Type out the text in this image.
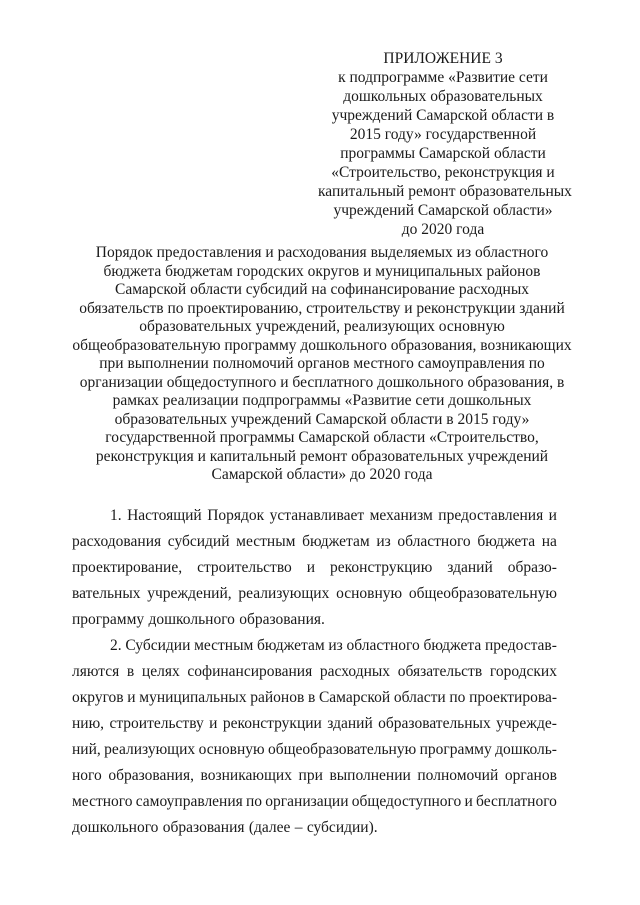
ПРИЛОЖЕНИЕ 3
к подпрограмме «Развитие сети
дошкольных образовательных
учреждений Самарской области в
2015 году» государственной
программы Самарской области
«Строительство, реконструкция и
капитальный ремонт образовательных
учреждений Самарской области»
до 2020 года
Порядок предоставления и расходования выделяемых из областного
бюджета бюджетам городских округов и муниципальных районов
Самарской области субсидий на софинансирование расходных
обязательств по проектированию, строительству и реконструкции зданий
образовательных учреждений, реализующих основную
общеобразовательную программу дошкольного образования, возникающих
при выполнении полномочий органов местного самоуправления по
организации общедоступного и бесплатного дошкольного образования, в
рамках реализации подпрограммы «Развитие сети дошкольных
образовательных учреждений Самарской области в 2015 году»
государственной программы Самарской области «Строительство,
реконструкция и капитальный ремонт образовательных учреждений
Самарской области» до 2020 года
1. Настоящий Порядок устанавливает механизм предоставления и
расходования субсидий местным бюджетам из областного бюджета на
проектирование, строительство и реконструкцию зданий образо-
вательных учреждений, реализующих основную общеобразовательную
программу дошкольного образования.
2. Субсидии местным бюджетам из областного бюджета предостав-
ляются в целях софинансирования расходных обязательств городских
округов и муниципальных районов в Самарской области по проектирова-
нию, строительству и реконструкции зданий образовательных учрежде-
ний, реализующих основную общеобразовательную программу дошколь-
ного образования, возникающих при выполнении полномочий органов
местного самоуправления по организации общедоступного и бесплатного
дошкольного образования (далее – субсидии).
